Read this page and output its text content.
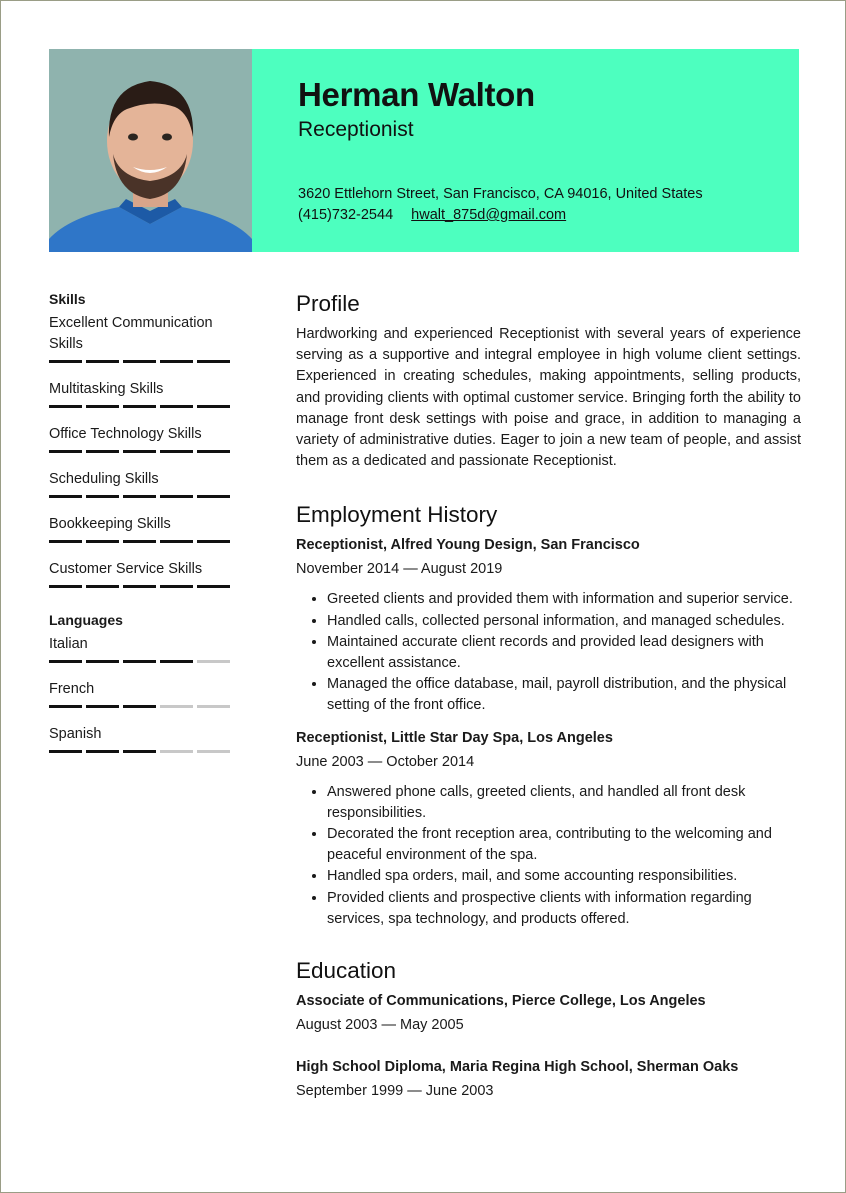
Herman Walton
Receptionist
3620 Ettlehorn Street, San Francisco, CA 94016, United States
(415)732-2544 hwalt_875d@gmail.com
Skills
Excellent Communication Skills
Multitasking Skills
Office Technology Skills
Scheduling Skills
Bookkeeping Skills
Customer Service Skills
Languages
Italian
French
Spanish
Profile
Hardworking and experienced Receptionist with several years of experience serving as a supportive and integral employee in high volume client settings. Experienced in creating schedules, making appointments, selling products, and providing clients with optimal customer service. Bringing forth the ability to manage front desk settings with poise and grace, in addition to managing a variety of administrative duties. Eager to join a new team of people, and assist them as a dedicated and passionate Receptionist.
Employment History
Receptionist, Alfred Young Design, San Francisco
November 2014 — August 2019
• Greeted clients and provided them with information and superior service.
• Handled calls, collected personal information, and managed schedules.
• Maintained accurate client records and provided lead designers with excellent assistance.
• Managed the office database, mail, payroll distribution, and the physical setting of the front office.
Receptionist, Little Star Day Spa, Los Angeles
June 2003 — October 2014
• Answered phone calls, greeted clients, and handled all front desk responsibilities.
• Decorated the front reception area, contributing to the welcoming and peaceful environment of the spa.
• Handled spa orders, mail, and some accounting responsibilities.
• Provided clients and prospective clients with information regarding services, spa technology, and products offered.
Education
Associate of Communications, Pierce College, Los Angeles
August 2003 — May 2005
High School Diploma, Maria Regina High School, Sherman Oaks
September 1999 — June 2003
